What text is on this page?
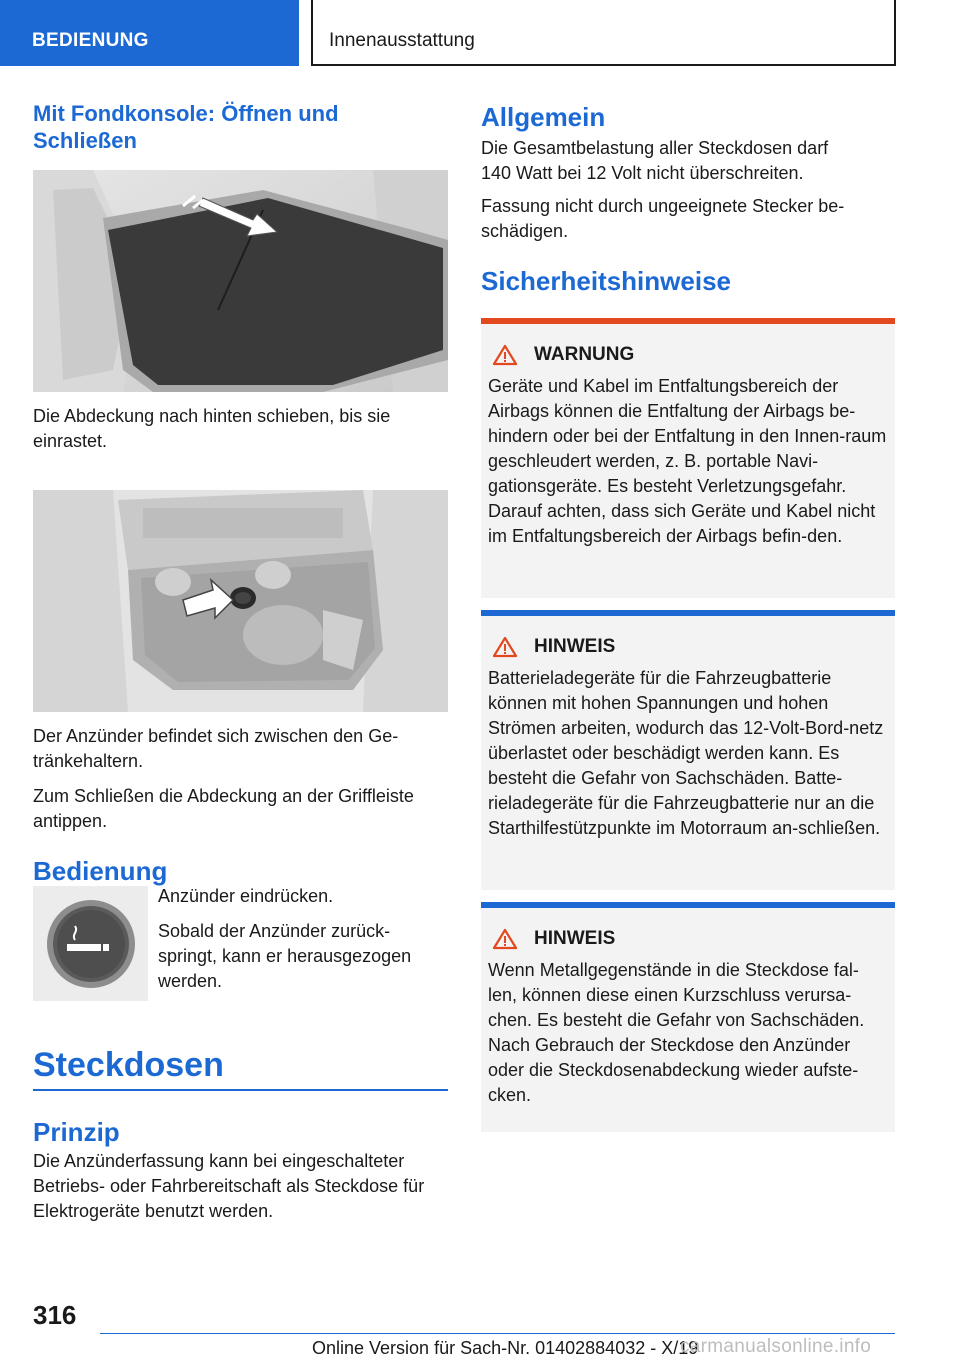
BEDIENUNG	Innenausstattung
Mit Fondkonsole: Öffnen und Schließen

Die Abdeckung nach hinten schieben, bis sie einrastet.

Der Anzünder befindet sich zwischen den Ge-tränkehaltern.

Zum Schließen die Abdeckung an der Griffleiste antippen.

Bedienung

Anzünder eindrücken.

Sobald der Anzünder zurück-springt, kann er herausgezogen werden.

Steckdosen
Prinzip

Die Anzünderfassung kann bei eingeschalteter Betriebs- oder Fahrbereitschaft als Steckdose für Elektrogeräte benutzt werden.

Allgemein

Die Gesamtbelastung aller Steckdosen darf 140 Watt bei 12 Volt nicht überschreiten.

Fassung nicht durch ungeeignete Stecker be-schädigen.

Sicherheitshinweise
WARNUNG

Geräte und Kabel im Entfaltungsbereich der Airbags können die Entfaltung der Airbags be-hindern oder bei der Entfaltung in den Innen-raum geschleudert werden, z. B. portable Navi-gationsgeräte. Es besteht Verletzungsgefahr. Darauf achten, dass sich Geräte und Kabel nicht im Entfaltungsbereich der Airbags befin-den.

HINWEIS

Batterieladegeräte für die Fahrzeugbatterie können mit hohen Spannungen und hohen Strömen arbeiten, wodurch das 12-Volt-Bord-netz überlastet oder beschädigt werden kann. Es besteht die Gefahr von Sachschäden. Batte-rieladegeräte für die Fahrzeugbatterie nur an die Starthilfestützpunkte im Motorraum an-schließen.

HINWEIS

Wenn Metallgegenstände in die Steckdose fal-len, können diese einen Kurzschluss verursa-chen. Es besteht die Gefahr von Sachschäden. Nach Gebrauch der Steckdose den Anzünder oder die Steckdosenabdeckung wieder aufste-cken.

316
Online Version für Sach-Nr. 01402884032 - X/19
carmanualsonline.info
